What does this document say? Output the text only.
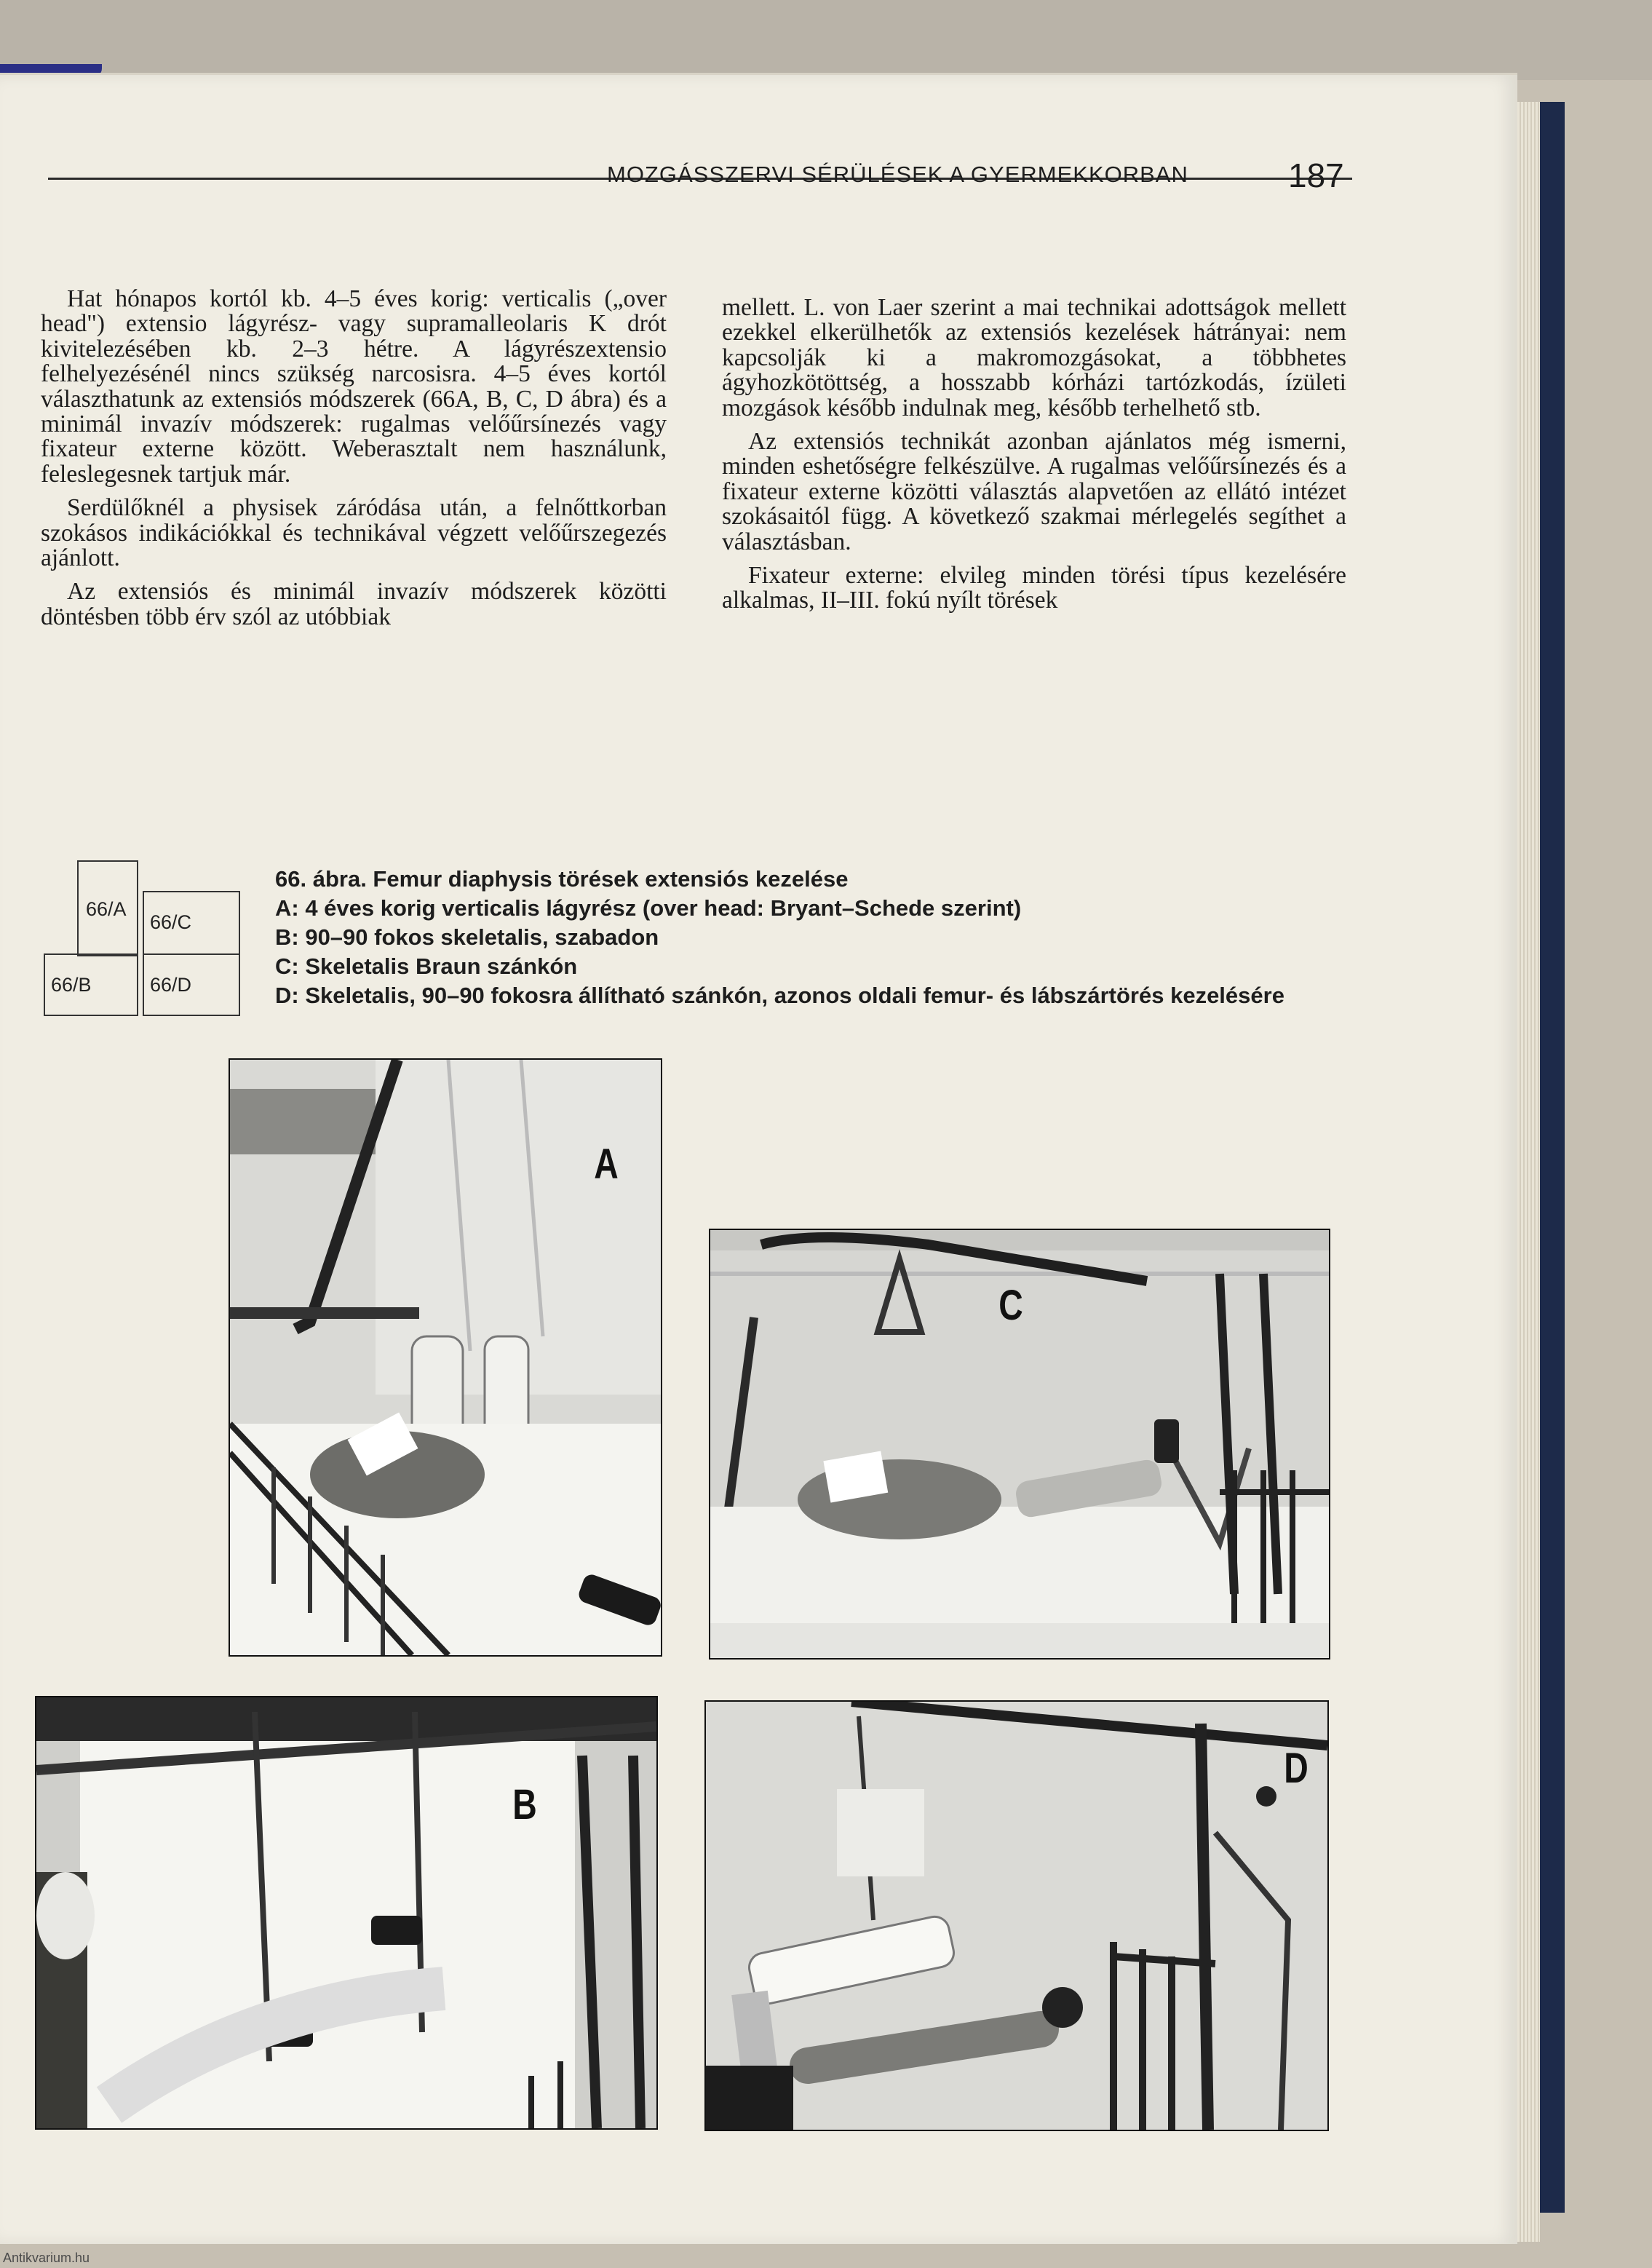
MOZGÁSSZERVI SÉRÜLÉSEK A GYERMEKKORBAN	187

Hat hónapos kortól kb. 4–5 éves korig: verticalis („over head") extensio lágyrész- vagy supramalleolaris K drót kivitelezésében kb. 2–3 hétre. A lágyrészextensio felhelyezésénél nincs szükség narcosisra. 4–5 éves kortól választhatunk az extensiós módszerek (66A, B, C, D ábra) és a minimál invazív módszerek: rugalmas velőűrsínezés vagy fixateur externe között. Weberasztalt nem használunk, feleslegesnek tartjuk már.

Serdülőknél a physisek záródása után, a felnőttkorban szokásos indikációkkal és technikával végzett velőűrszegezés ajánlott.

Az extensiós és minimál invazív módszerek közötti döntésben több érv szól az utóbbiak

mellett. L. von Laer szerint a mai technikai adottságok mellett ezekkel elkerülhetők az extensiós kezelések hátrányai: nem kapcsolják ki a makromozgásokat, a többhetes ágyhozkötöttség, a hosszabb kórházi tartózkodás, ízületi mozgások később indulnak meg, később terhelhető stb.

Az extensiós technikát azonban ajánlatos még ismerni, minden eshetőségre felkészülve. A rugalmas velőűrsínezés és a fixateur externe közötti választás alapvetően az ellátó intézet szokásaitól függ. A következő szakmai mérlegelés segíthet a választásban.

Fixateur externe: elvileg minden törési típus kezelésére alkalmas, II–III. fokú nyílt törések

66/A
66/C
66/B	66/D
66. ábra. Femur diaphysis törések extensiós kezelése
A: 4 éves korig verticalis lágyrész (over head: Bryant–Schede szerint)
B: 90–90 fokos skeletalis, szabadon
C: Skeletalis Braun szánkón
D: Skeletalis, 90–90 fokosra állítható szánkón, azonos oldali femur- és lábszártörés kezelésére
A
C
B
D
Antikvarium.hu
